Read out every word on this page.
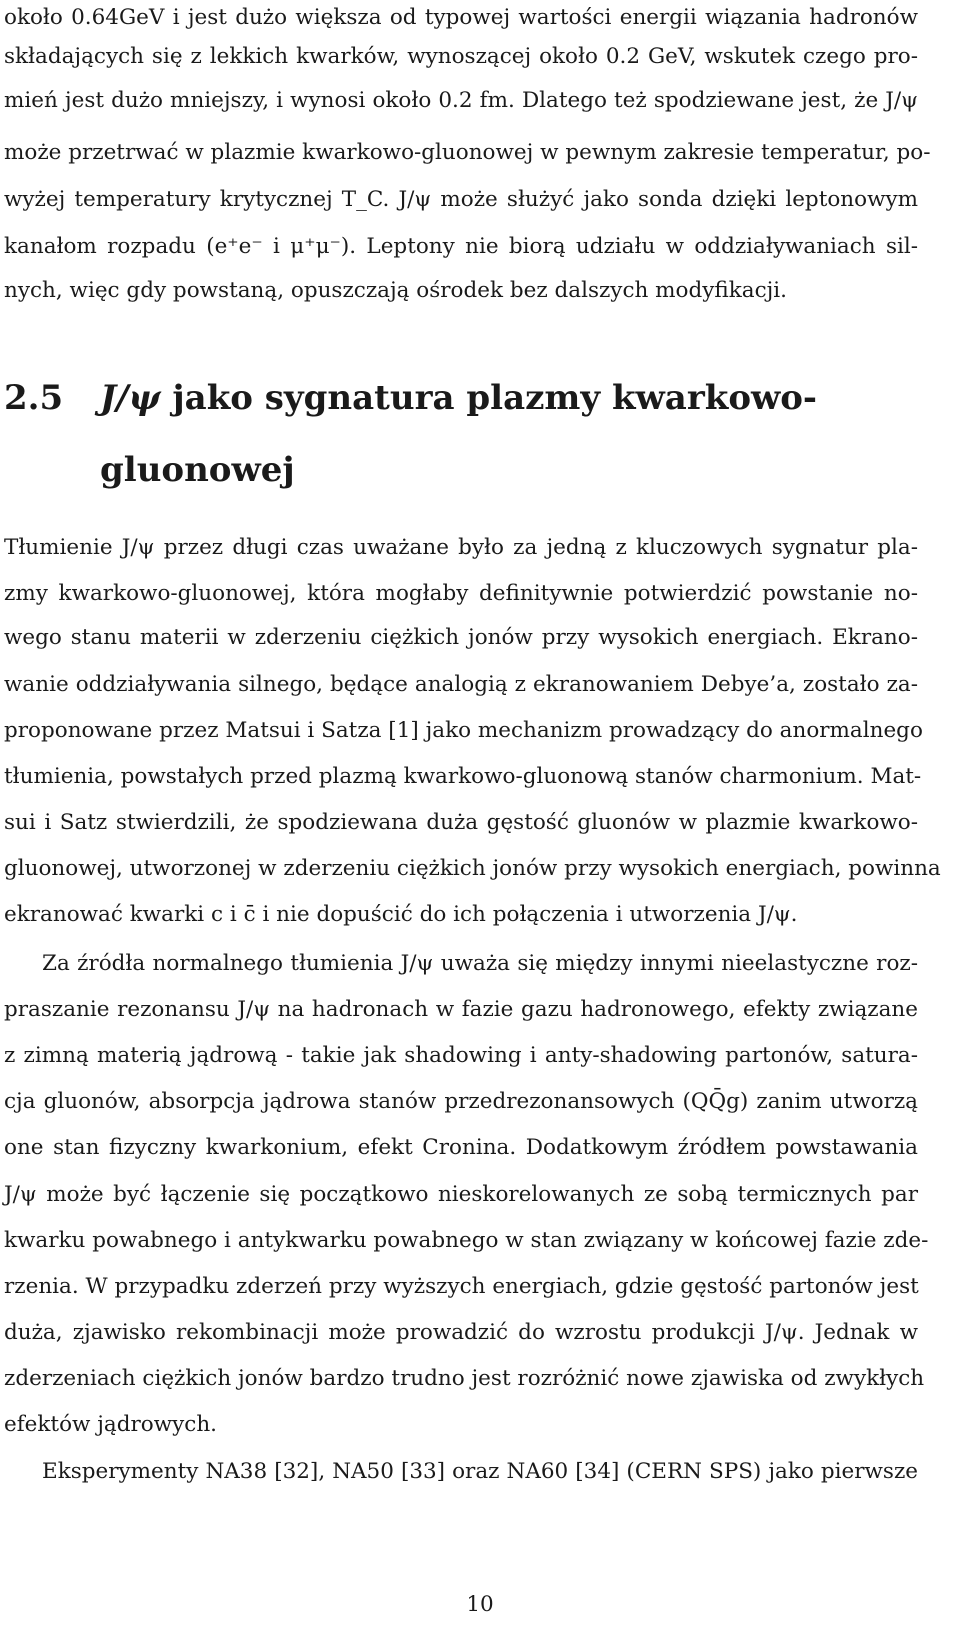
około 0.64GeV i jest dużo większa od typowej wartości energii wiązania hadronów
składających się z lekkich kwarków, wynoszącej około 0.2 GeV, wskutek czego pro-
mień jest dużo mniejszy, i wynosi około 0.2 fm. Dlatego też spodziewane jest, że J/ψ
może przetrwać w plazmie kwarkowo-gluonowej w pewnym zakresie temperatur, po-
wyżej temperatury krytycznej T_C. J/ψ może służyć jako sonda dzięki leptonowym
kanałom rozpadu (e⁺e⁻ i μ⁺μ⁻). Leptony nie biorą udziału w oddziaływaniach sil-
nych, więc gdy powstaną, opuszczają ośrodek bez dalszych modyfikacji.
2.5 J/ψ jako sygnatura plazmy kwarkowo-
gluonowej
Tłumienie J/ψ przez długi czas uważane było za jedną z kluczowych sygnatur pla-
zmy kwarkowo-gluonowej, która mogłaby definitywnie potwierdzić powstanie no-
wego stanu materii w zderzeniu ciężkich jonów przy wysokich energiach. Ekrano-
wanie oddziaływania silnego, będące analogią z ekranowaniem Debye’a, zostało za-
proponowane przez Matsui i Satza [1] jako mechanizm prowadzący do anormalnego
tłumienia, powstałych przed plazmą kwarkowo-gluonową stanów charmonium. Mat-
sui i Satz stwierdzili, że spodziewana duża gęstość gluonów w plazmie kwarkowo-
gluonowej, utworzonej w zderzeniu ciężkich jonów przy wysokich energiach, powinna
ekranować kwarki c i c̄ i nie dopuścić do ich połączenia i utworzenia J/ψ.
Za źródła normalnego tłumienia J/ψ uważa się między innymi nieelastyczne roz-
praszanie rezonansu J/ψ na hadronach w fazie gazu hadronowego, efekty związane
z zimną materią jądrową - takie jak shadowing i anty-shadowing partonów, satura-
cja gluonów, absorpcja jądrowa stanów przedrezonansowych (QQ̄g) zanim utworzą
one stan fizyczny kwarkonium, efekt Cronina. Dodatkowym źródłem powstawania
J/ψ może być łączenie się początkowo nieskorelowanych ze sobą termicznych par
kwarku powabnego i antykwarku powabnego w stan związany w końcowej fazie zde-
rzenia. W przypadku zderzeń przy wyższych energiach, gdzie gęstość partonów jest
duża, zjawisko rekombinacji może prowadzić do wzrostu produkcji J/ψ. Jednak w
zderzeniach ciężkich jonów bardzo trudno jest rozróżnić nowe zjawiska od zwykłych
efektów jądrowych.
Eksperymenty NA38 [32], NA50 [33] oraz NA60 [34] (CERN SPS) jako pierwsze
10
